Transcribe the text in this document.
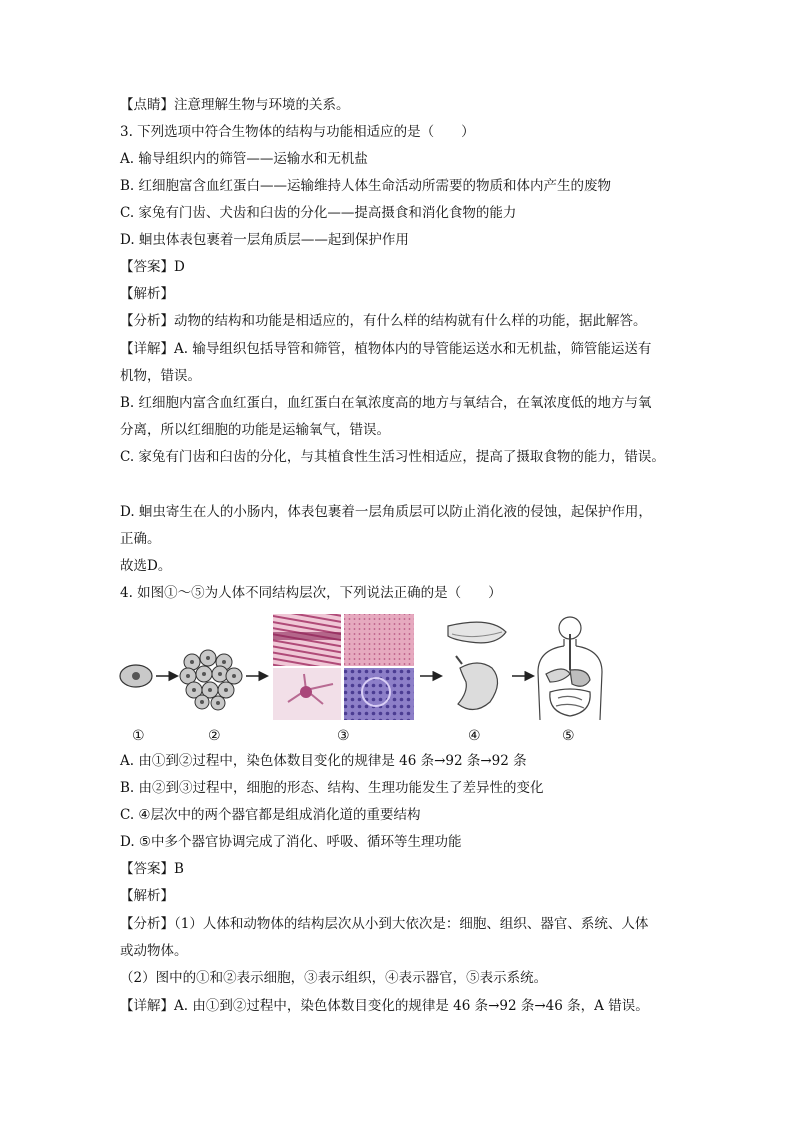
【点睛】注意理解生物与环境的关系。
3. 下列选项中符合生物体的结构与功能相适应的是（　　）
A. 输导组织内的筛管——运输水和无机盐
B. 红细胞富含血红蛋白——运输维持人体生命活动所需要的物质和体内产生的废物
C. 家兔有门齿、犬齿和臼齿的分化——提高摄食和消化食物的能力
D. 蛔虫体表包裹着一层角质层——起到保护作用
【答案】D
【解析】
【分析】动物的结构和功能是相适应的，有什么样的结构就有什么样的功能，据此解答。
【详解】A. 输导组织包括导管和筛管，植物体内的导管能运送水和无机盐，筛管能运送有
机物，错误。
B. 红细胞内富含血红蛋白，血红蛋白在氧浓度高的地方与氧结合，在氧浓度低的地方与氧
分离，所以红细胞的功能是运输氧气，错误。
C. 家兔有门齿和臼齿的分化，与其植食性生活习性相适应，提高了摄取食物的能力，错误。
D. 蛔虫寄生在人的小肠内，体表包裹着一层角质层可以防止消化液的侵蚀，起保护作用，
正确。
故选D。
4. 如图①～⑤为人体不同结构层次，下列说法正确的是（　　）
①	②	③	④	⑤
A. 由①到②过程中，染色体数目变化的规律是 46 条→92 条→92 条
B. 由②到③过程中，细胞的形态、结构、生理功能发生了差异性的变化
C. ④层次中的两个器官都是组成消化道的重要结构
D. ⑤中多个器官协调完成了消化、呼吸、循环等生理功能
【答案】B
【解析】
【分析】（1）人体和动物体的结构层次从小到大依次是：细胞、组织、器官、系统、人体
或动物体。
（2）图中的①和②表示细胞，③表示组织，④表示器官，⑤表示系统。
【详解】A. 由①到②过程中，染色体数目变化的规律是 46 条→92 条→46 条，A 错误。
